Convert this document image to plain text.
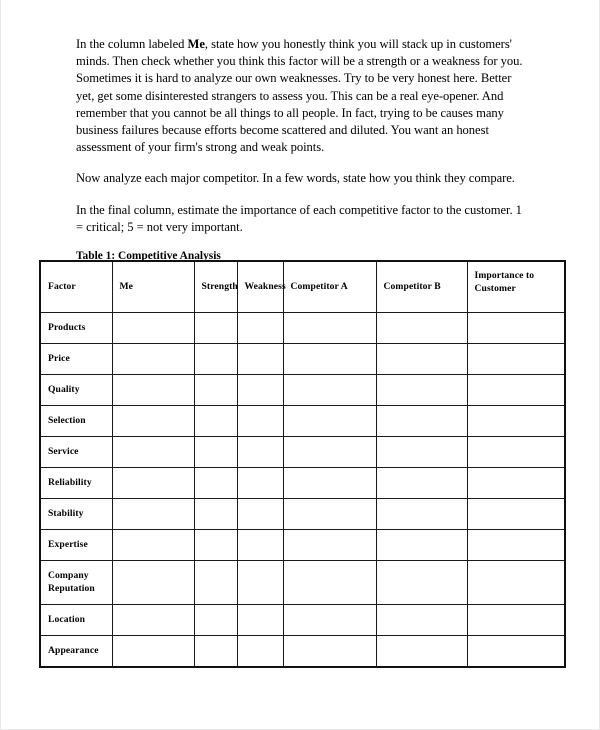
In the column labeled Me, state how you honestly think you will stack up in customers' minds. Then check whether you think this factor will be a strength or a weakness for you. Sometimes it is hard to analyze our own weaknesses. Try to be very honest here. Better yet, get some disinterested strangers to assess you. This can be a real eye-opener. And remember that you cannot be all things to all people. In fact, trying to be causes many business failures because efforts become scattered and diluted. You want an honest assessment of your firm's strong and weak points.

Now analyze each major competitor. In a few words, state how you think they compare.

In the final column, estimate the importance of each competitive factor to the customer. 1 = critical; 5 = not very important.

Table 1: Competitive Analysis

Factor	Me	Strength	Weakness	Competitor A	Competitor B	Importance to
Customer

Products						
Price						
Quality						
Selection						
Service						
Reliability						
Stability						
Expertise						

Company
Reputation						

Location						
Appearance						
